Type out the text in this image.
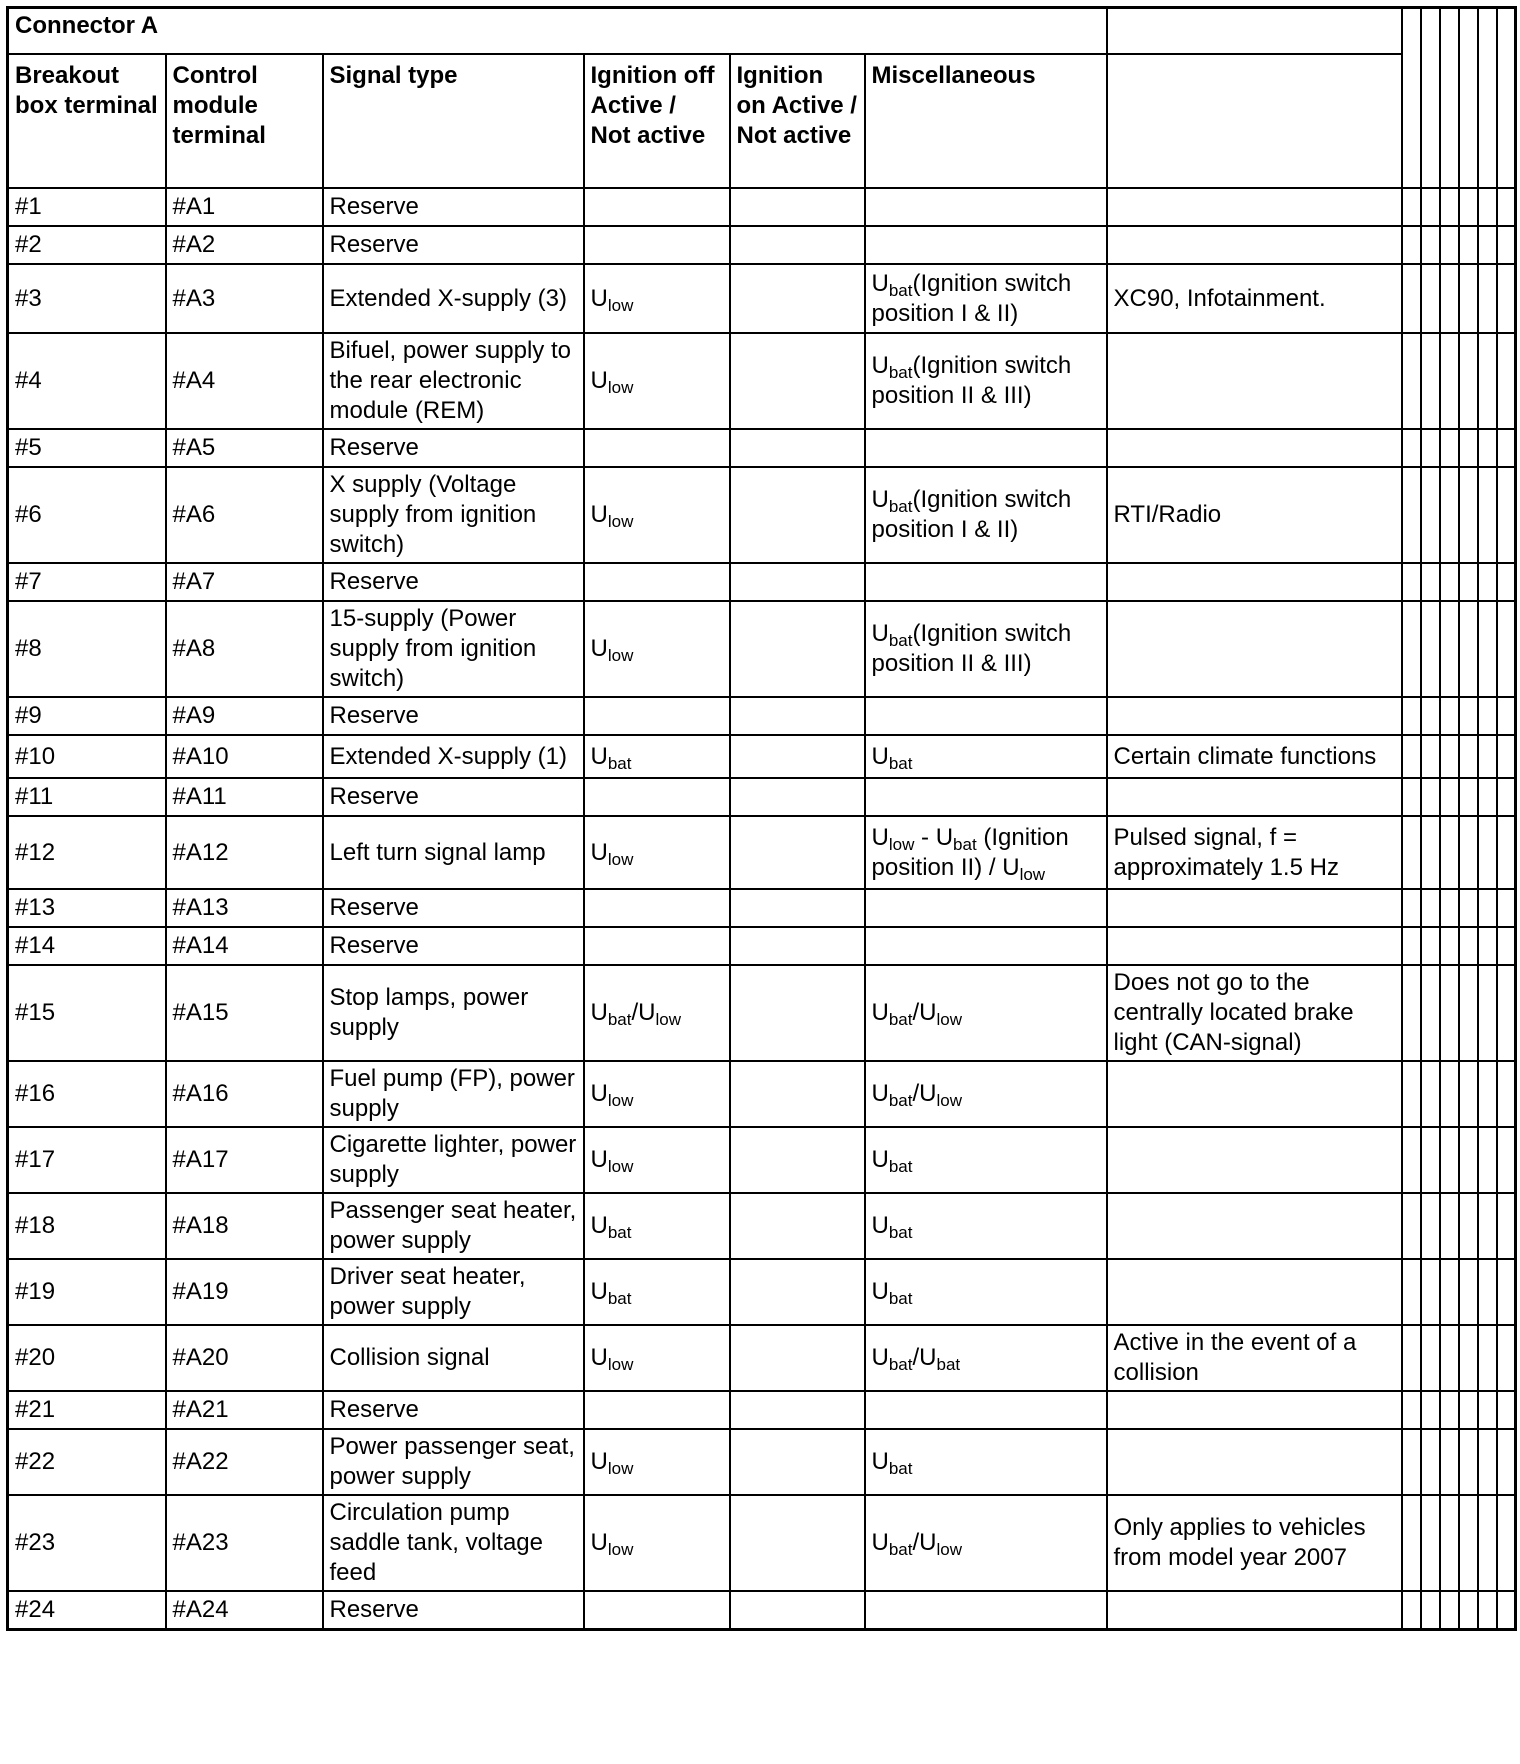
Connector A												
Breakout box terminal	Control module terminal	Signal type	Ignition off Active / Not active	Ignition on Active / Not active	Miscellaneous							
#1	#A1	Reserve										
#2	#A2	Reserve										
#3	#A3	Extended X-supply (3)	$U_{low}$		$U_{bat}(Ignition$ switch position I & II)	XC90, Infotainment.						
#4	#A4	Bifuel, power supply to the rear electronic module (REM)	$U_{low}$		$U_{bat}(Ignition$ switch position II & III)							
#5	#A5	Reserve										
#6	#A6	X supply (Voltage supply from ignition switch)	$U_{low}$		$U_{bat}(Ignition$ switch position I & II)	RTI/Radio						
#7	#A7	Reserve										
#8	#A8	15-supply (Power supply from ignition switch)	$U_{low}$		$U_{bat}(Ignition$ switch position II & III)							
#9	#A9	Reserve										
#10	#A10	Extended X-supply (1)	$U_{bat}$		$U_{bat}$	Certain climate functions						
#11	#A11	Reserve										
#12	#A12	Left turn signal lamp	$U_{low}$		$U_{low} - U_{bat}$ (Ignition position $II) / U_{low}$	Pulsed signal, f = approximately 1.5 Hz						
#13	#A13	Reserve										
#14	#A14	Reserve										
#15	#A15	Stop lamps, power supply	$U_{bat}/U_{low}$		$U_{bat}/U_{low}$	Does not go to the centrally located brake light (CAN-signal)						
#16	#A16	Fuel pump (FP), power supply	$U_{low}$		$U_{bat}/U_{low}$							
#17	#A17	Cigarette lighter, power supply	$U_{low}$		$U_{bat}$							
#18	#A18	Passenger seat heater, power supply	$U_{bat}$		$U_{bat}$							
#19	#A19	Driver seat heater, power supply	$U_{bat}$		$U_{bat}$							
#20	#A20	Collision signal	$U_{low}$		$U_{bat}/U_{bat}$	Active in the event of a collision						
#21	#A21	Reserve										
#22	#A22	Power passenger seat, power supply	$U_{low}$		$U_{bat}$							
#23	#A23	Circulation pump saddle tank, voltage feed	$U_{low}$		$U_{bat}/U_{low}$	Only applies to vehicles from model year 2007						
#24	#A24	Reserve										
